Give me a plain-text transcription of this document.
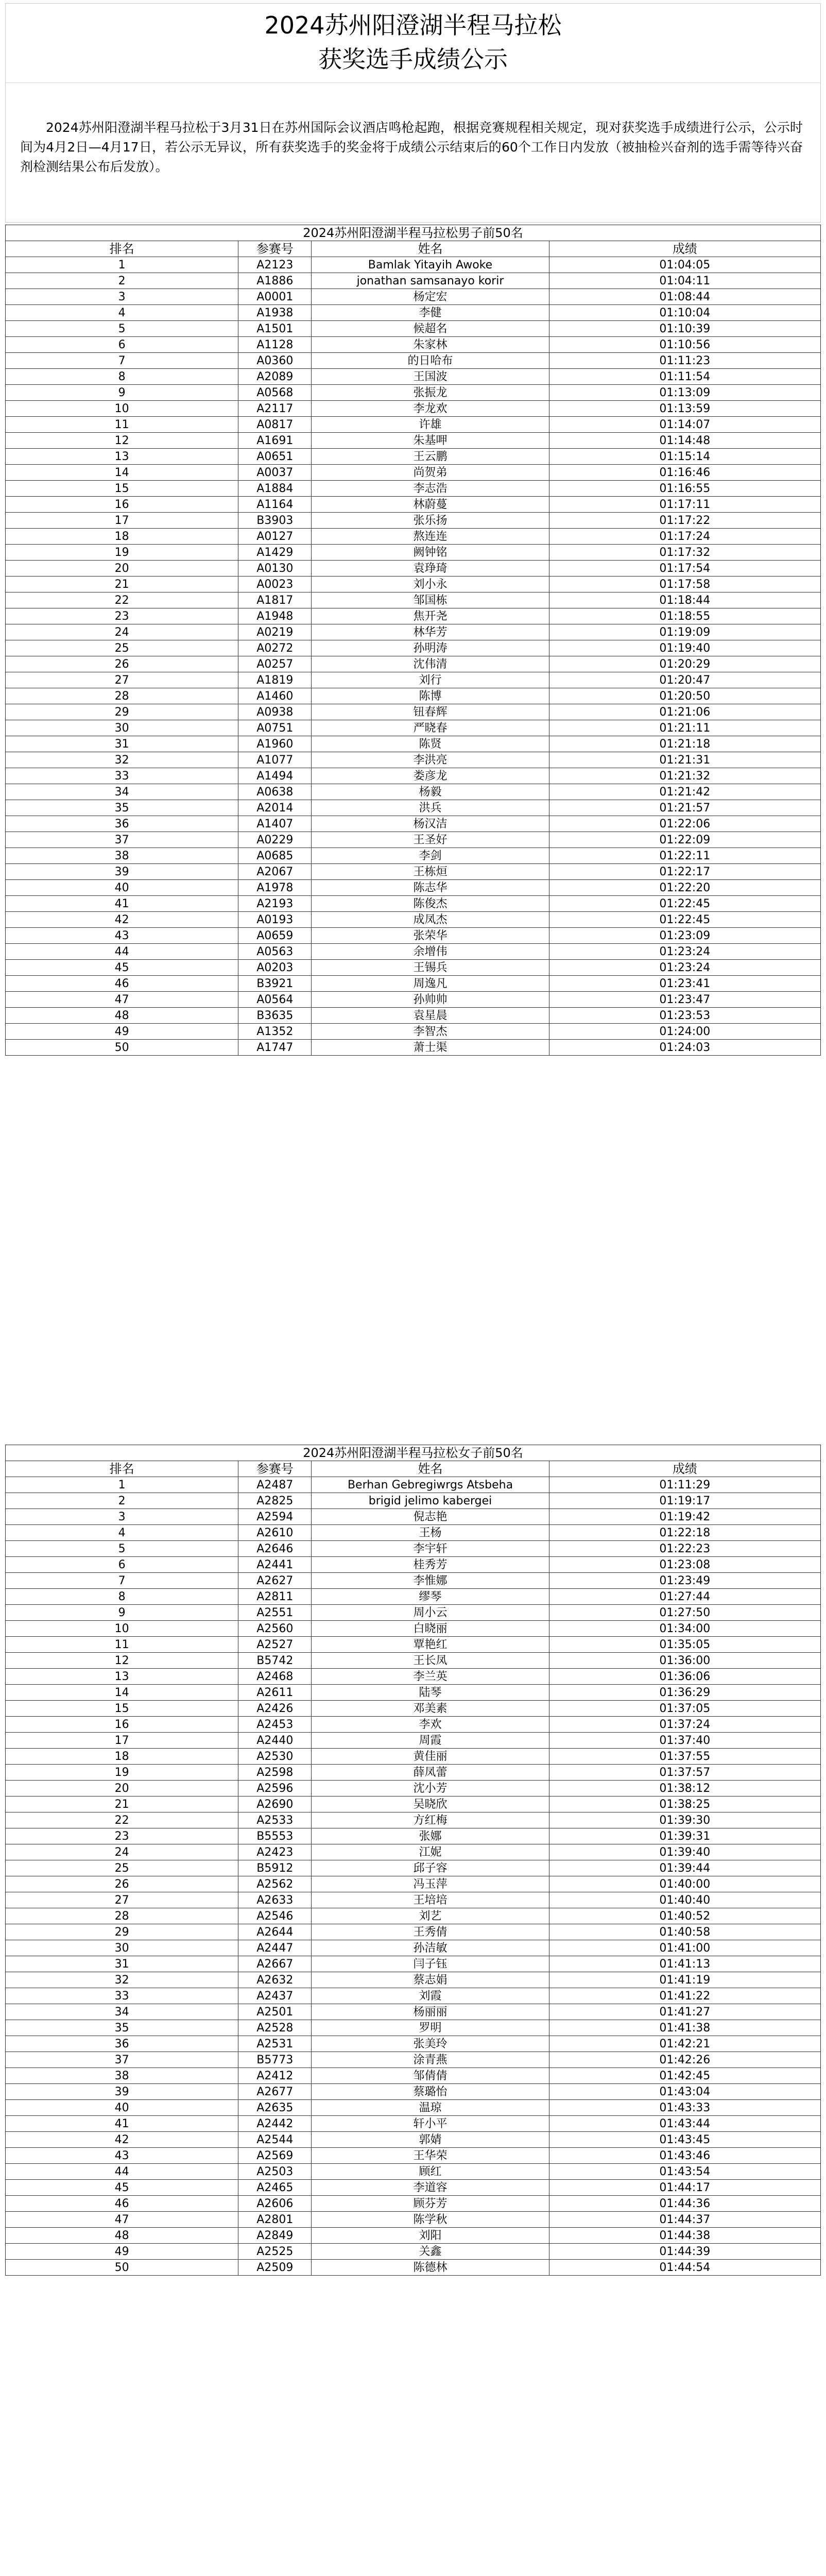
2024苏州阳澄湖半程马拉松
获奖选手成绩公示
2024苏州阳澄湖半程马拉松于3月31日在苏州国际会议酒店鸣枪起跑，根据竞赛规程相关规定，现对获奖选手成绩进行公示，公示时间为4月2日—4月17日，若公示无异议，所有获奖选手的奖金将于成绩公示结束后的60个工作日内发放（被抽检兴奋剂的选手需等待兴奋剂检测结果公布后发放）。
2024苏州阳澄湖半程马拉松男子前50名			
排名	参赛号	姓名	成绩
1	A2123	Bamlak Yitayih Awoke	01:04:05
2	A1886	jonathan samsanayo korir	01:04:11
3	A0001	杨定宏	01:08:44
4	A1938	李健	01:10:04
5	A1501	候超名	01:10:39
6	A1128	朱家林	01:10:56
7	A0360	的日哈布	01:11:23
8	A2089	王国波	01:11:54
9	A0568	张振龙	01:13:09
10	A2117	李龙欢	01:13:59
11	A0817	许雄	01:14:07
12	A1691	朱基呷	01:14:48
13	A0651	王云鹏	01:15:14
14	A0037	尚贺弟	01:16:46
15	A1884	李志浩	01:16:55
16	A1164	林蔚蔓	01:17:11
17	B3903	张乐扬	01:17:22
18	A0127	熬连连	01:17:24
19	A1429	阙钟铭	01:17:32
20	A0130	袁琤琦	01:17:54
21	A0023	刘小永	01:17:58
22	A1817	邹国栋	01:18:44
23	A1948	焦开尧	01:18:55
24	A0219	林华芳	01:19:09
25	A0272	孙明涛	01:19:40
26	A0257	沈伟清	01:20:29
27	A1819	刘行	01:20:47
28	A1460	陈博	01:20:50
29	A0938	钮春辉	01:21:06
30	A0751	严晓春	01:21:11
31	A1960	陈贤	01:21:18
32	A1077	李洪亮	01:21:31
33	A1494	娄彦龙	01:21:32
34	A0638	杨毅	01:21:42
35	A2014	洪兵	01:21:57
36	A1407	杨汉洁	01:22:06
37	A0229	王圣好	01:22:09
38	A0685	李剑	01:22:11
39	A2067	王栋烜	01:22:17
40	A1978	陈志华	01:22:20
41	A2193	陈俊杰	01:22:45
42	A0193	成凤杰	01:22:45
43	A0659	张荣华	01:23:09
44	A0563	余增伟	01:23:24
45	A0203	王锡兵	01:23:24
46	B3921	周逸凡	01:23:41
47	A0564	孙帅帅	01:23:47
48	B3635	袁星晨	01:23:53
49	A1352	李智杰	01:24:00
50	A1747	萧士渠	01:24:03
2024苏州阳澄湖半程马拉松女子前50名			
排名	参赛号	姓名	成绩
1	A2487	Berhan Gebregiwrgs Atsbeha	01:11:29
2	A2825	brigid jelimo kabergei	01:19:17
3	A2594	倪志艳	01:19:42
4	A2610	王杨	01:22:18
5	A2646	李宇轩	01:22:23
6	A2441	桂秀芳	01:23:08
7	A2627	李惟娜	01:23:49
8	A2811	缪琴	01:27:44
9	A2551	周小云	01:27:50
10	A2560	白晓丽	01:34:00
11	A2527	覃艳红	01:35:05
12	B5742	王长凤	01:36:00
13	A2468	李兰英	01:36:06
14	A2611	陆琴	01:36:29
15	A2426	邓美素	01:37:05
16	A2453	李欢	01:37:24
17	A2440	周霞	01:37:40
18	A2530	黄佳丽	01:37:55
19	A2598	薛凤蕾	01:37:57
20	A2596	沈小芳	01:38:12
21	A2690	吴晓欣	01:38:25
22	A2533	方红梅	01:39:30
23	B5553	张娜	01:39:31
24	A2423	江妮	01:39:40
25	B5912	邱子容	01:39:44
26	A2562	冯玉萍	01:40:00
27	A2633	王培培	01:40:40
28	A2546	刘艺	01:40:52
29	A2644	王秀倩	01:40:58
30	A2447	孙洁敏	01:41:00
31	A2667	闫子钰	01:41:13
32	A2632	蔡志娟	01:41:19
33	A2437	刘霞	01:41:22
34	A2501	杨丽丽	01:41:27
35	A2528	罗明	01:41:38
36	A2531	张美玲	01:42:21
37	B5773	涂青燕	01:42:26
38	A2412	邹倩倩	01:42:45
39	A2677	蔡璐怡	01:43:04
40	A2635	温琼	01:43:33
41	A2442	轩小平	01:43:44
42	A2544	郭婧	01:43:45
43	A2569	王华荣	01:43:46
44	A2503	顾红	01:43:54
45	A2465	李道容	01:44:17
46	A2606	顾芬芳	01:44:36
47	A2801	陈学秋	01:44:37
48	A2849	刘阳	01:44:38
49	A2525	关鑫	01:44:39
50	A2509	陈德林	01:44:54
